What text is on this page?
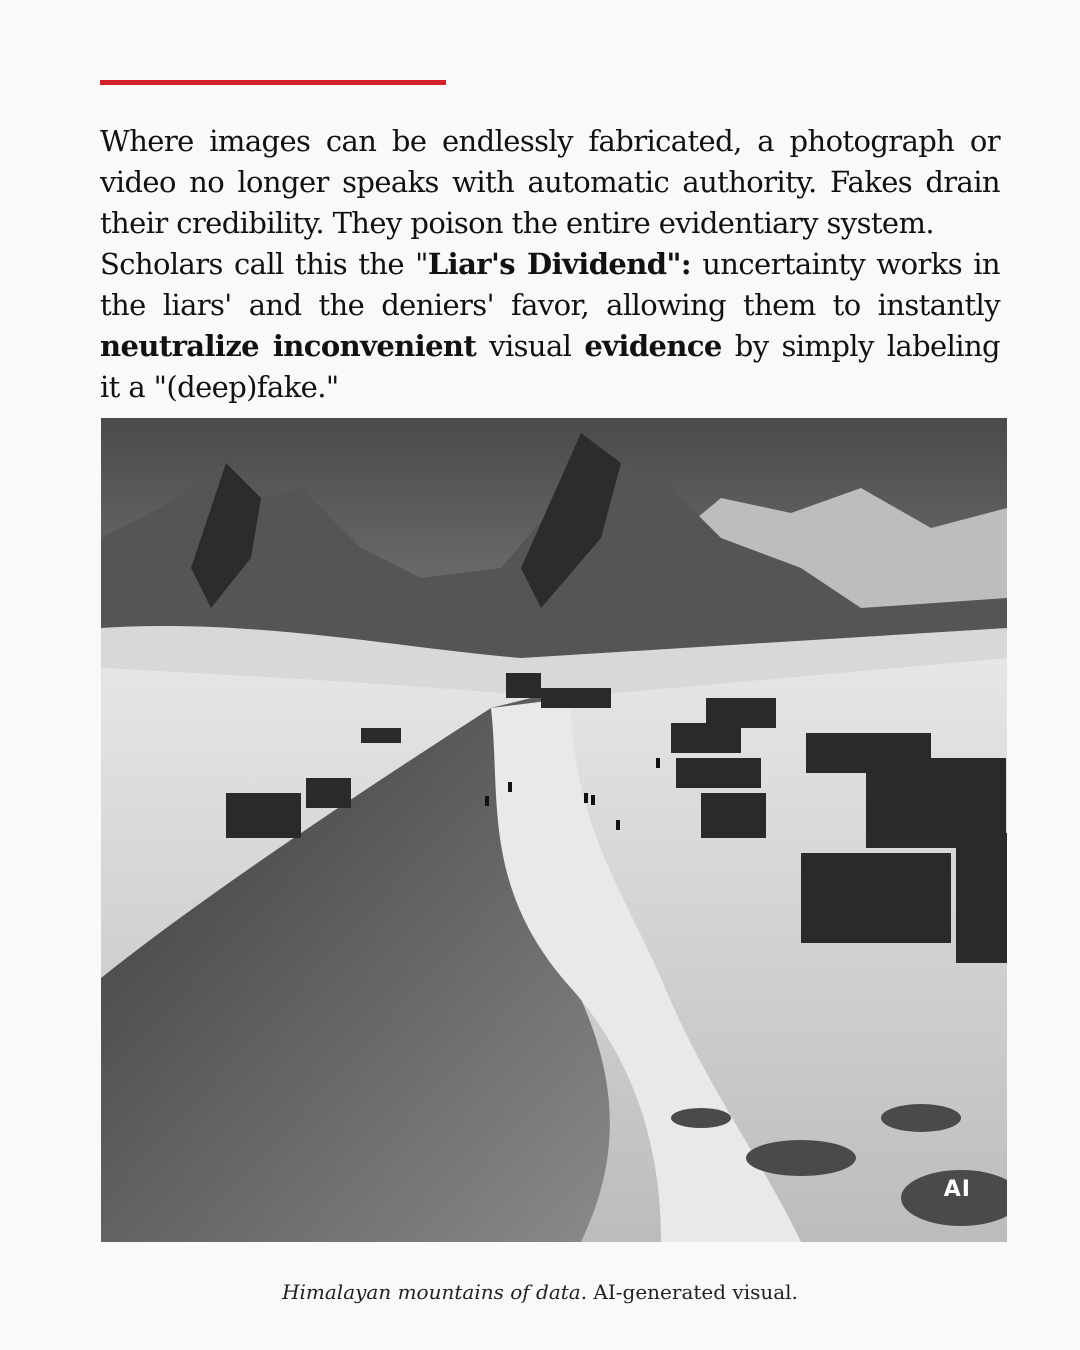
Where images can be endlessly fabricated, a photograph or video no longer speaks with automatic authority. Fakes drain their credibility. They poison the entire evidentiary system.

Scholars call this the "Liar's Dividend": uncertainty works in the liars' and the deniers' favor, allowing them to instantly neutralize inconvenient visual evidence by simply labeling it a "(deep)fake."

AI
Himalayan mountains of data. AI-generated visual.
